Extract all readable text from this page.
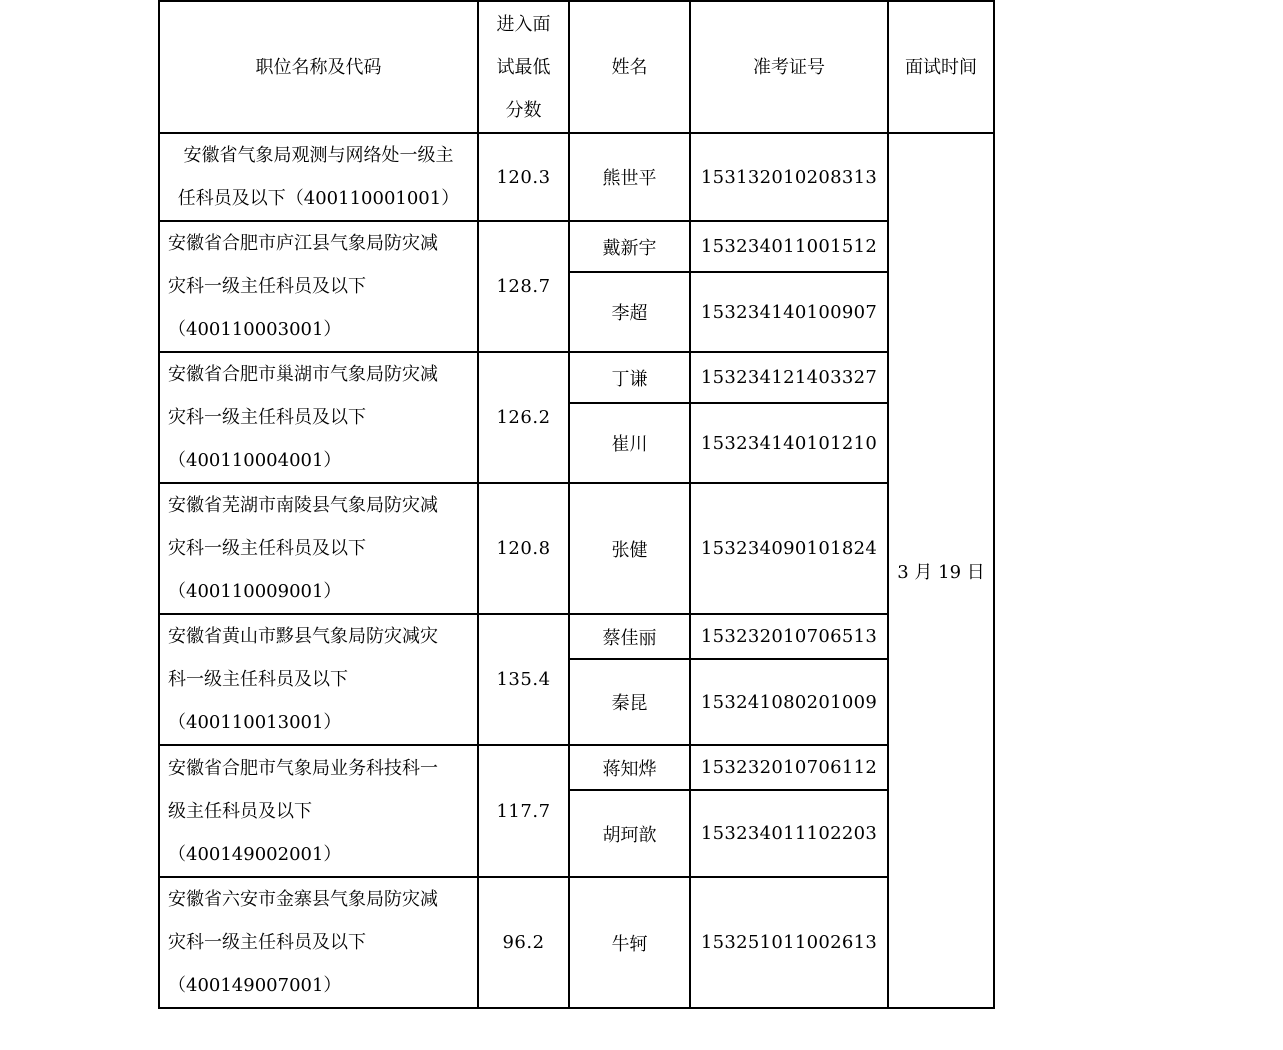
职位名称及代码	进入面
试最低
分数	姓名	准考证号	面试时间

安徽省气象局观测与网络处一级主
任科员及以下（400110001001）	120.3	熊世平	153132010208313	3 月 19 日

安徽省合肥市庐江县气象局防灾减
灾科一级主任科员及以下
（400110003001）	128.7	戴新宇	153234011001512	
		李超	153234140100907	

安徽省合肥市巢湖市气象局防灾减
灾科一级主任科员及以下
（400110004001）	126.2	丁谦	153234121403327	
		崔川	153234140101210	

安徽省芜湖市南陵县气象局防灾减
灾科一级主任科员及以下
（400110009001）	120.8	张健	153234090101824	

安徽省黄山市黟县气象局防灾减灾
科一级主任科员及以下
（400110013001）	135.4	蔡佳丽	153232010706513	
		秦昆	153241080201009	

安徽省合肥市气象局业务科技科一
级主任科员及以下
（400149002001）	117.7	蒋知烨	153232010706112	
		胡珂歆	153234011102203	

安徽省六安市金寨县气象局防灾减
灾科一级主任科员及以下
（400149007001）	96.2	牛轲	153251011002613	
